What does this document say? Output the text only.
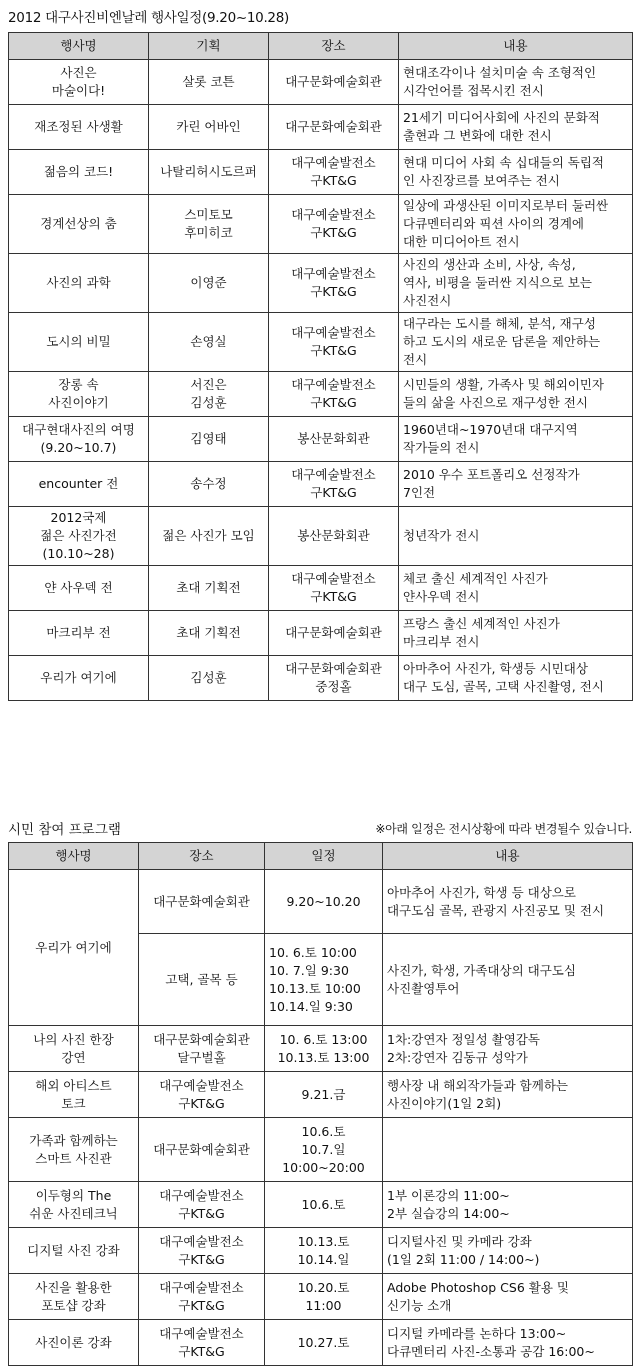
2012 대구사진비엔날레 행사일정(9.20~10.28)
행사명	기획	장소	내용
사진은
마술이다!	살롯 코튼	대구문화예술회관	현대조각이나 설치미술 속 조형적인
시각언어를 접목시킨 전시
재조정된 사생활	카린 어바인	대구문화예술회관	21세기 미디어사회에 사진의 문화적
출현과 그 변화에 대한 전시
젊음의 코드!	나탈리허시도르퍼	대구예술발전소
구KT&G	현대 미디어 사회 속 십대들의 독립적
인 사진장르를 보여주는 전시
경계선상의 춤	스미토모
후미히코	대구예술발전소
구KT&G	일상에 과생산된 이미지로부터 둘러싼
다큐멘터리와 픽션 사이의 경계에
대한 미디어아트 전시
사진의 과학	이영준	대구예술발전소
구KT&G	사진의 생산과 소비, 사상, 속성,
역사, 비평을 둘러싼 지식으로 보는
사진전시
도시의 비밀	손영실	대구예술발전소
구KT&G	대구라는 도시를 해체, 분석, 재구성
하고 도시의 새로운 담론을 제안하는
전시
장롱 속
사진이야기	서진은
김성훈	대구예술발전소
구KT&G	시민들의 생활, 가족사 및 해외이민자
들의 삶을 사진으로 재구성한 전시
대구현대사진의 여명
(9.20~10.7)	김영태	봉산문화회관	1960년대~1970년대 대구지역
작가들의 전시
encounter 전	송수정	대구예술발전소
구KT&G	2010 우수 포트폴리오 선정작가
7인전
2012국제
젊은 사진가전
(10.10~28)	젊은 사진가 모임	봉산문화회관	청년작가 전시
얀 사우덱 전	초대 기획전	대구예술발전소
구KT&G	체코 출신 세계적인 사진가
얀사우덱 전시
마크리부 전	초대 기획전	대구문화예술회관	프랑스 출신 세계적인 사진가
마크리부 전시
우리가 여기에	김성훈	대구문화예술회관
중정홀	아마추어 사진가, 학생등 시민대상
대구 도심, 골목, 고택 사진촬영, 전시
시민 참여 프로그램	※아래 일정은 전시상황에 따라 변경될수 있습니다.
행사명	장소	일정	내용
우리가 여기에	대구문화예술회관	9.20~10.20	아마추어 사진가, 학생 등 대상으로
대구도심 골목, 관광지 사진공모 및 전시
	고택, 골목 등	10. 6.토 10:00
10. 7.일 9:30
10.13.토 10:00
10.14.일 9:30	사진가, 학생, 가족대상의 대구도심
사진촬영투어
나의 사진 한장
강연	대구문화예술회관
달구벌홀	10. 6.토 13:00
10.13.토 13:00	1차:강연자 정일성 촬영감독
2차:강연자 김동규 성악가
해외 아티스트
토크	대구예술발전소
구KT&G	9.21.금	행사장 내 해외작가들과 함께하는
사진이야기(1일 2회)
가족과 함께하는
스마트 사진관	대구문화예술회관	10.6.토
10.7.일
10:00~20:00	
이두형의 The
쉬운 사진테크닉	대구예술발전소
구KT&G	10.6.토	1부 이론강의 11:00~
2부 실습강의 14:00~
디지털 사진 강좌	대구예술발전소
구KT&G	10.13.토
10.14.일	디지털사진 및 카메라 강좌
(1일 2회 11:00 / 14:00~)
사진을 활용한
포토샵 강좌	대구예술발전소
구KT&G	10.20.토
11:00	Adobe Photoshop CS6 활용 및
신기능 소개
사진이론 강좌	대구예술발전소
구KT&G	10.27.토	디지털 카메라를 논하다 13:00~
다큐멘터리 사진-소통과 공감 16:00~
